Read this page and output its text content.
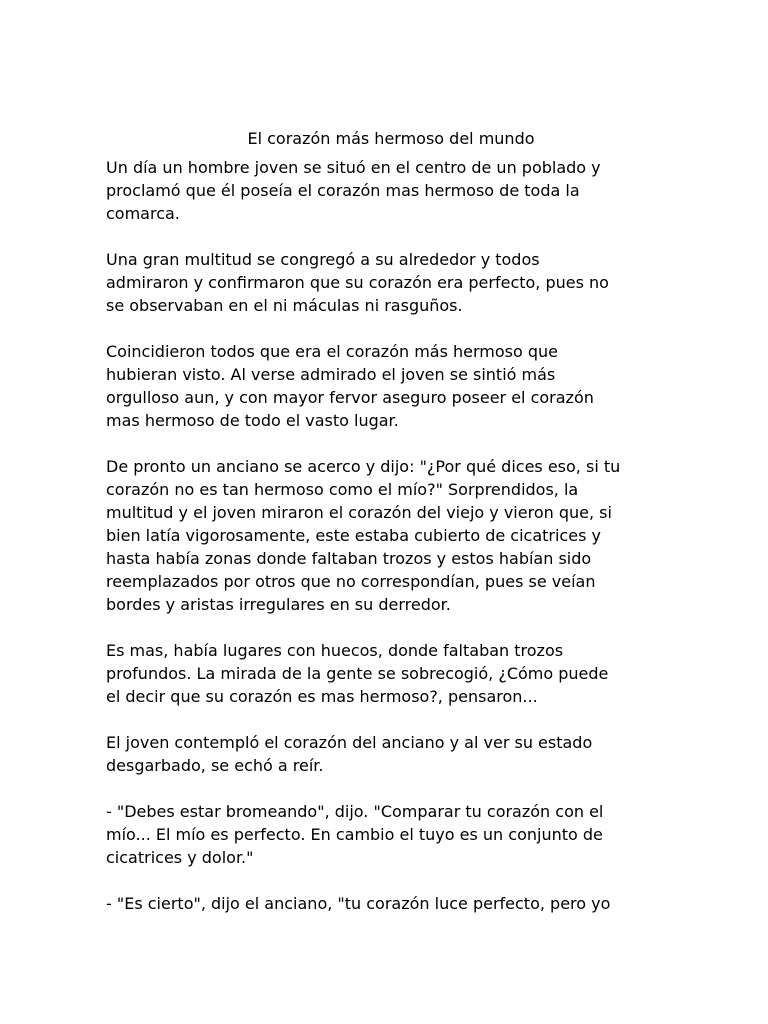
El corazón más hermoso del mundo

Un día un hombre joven se situó en el centro de un poblado y
proclamó que él poseía el corazón mas hermoso de toda la
comarca.

Una gran multitud se congregó a su alrededor y todos
admiraron y confirmaron que su corazón era perfecto, pues no
se observaban en el ni máculas ni rasguños.

Coincidieron todos que era el corazón más hermoso que
hubieran visto. Al verse admirado el joven se sintió más
orgulloso aun, y con mayor fervor aseguro poseer el corazón
mas hermoso de todo el vasto lugar.

De pronto un anciano se acerco y dijo: "¿Por qué dices eso, si tu
corazón no es tan hermoso como el mío?" Sorprendidos, la
multitud y el joven miraron el corazón del viejo y vieron que, si
bien latía vigorosamente, este estaba cubierto de cicatrices y
hasta había zonas donde faltaban trozos y estos habían sido
reemplazados por otros que no correspondían, pues se veían
bordes y aristas irregulares en su derredor.

Es mas, había lugares con huecos, donde faltaban trozos
profundos. La mirada de la gente se sobrecogió, ¿Cómo puede
el decir que su corazón es mas hermoso?, pensaron...

El joven contempló el corazón del anciano y al ver su estado
desgarbado, se echó a reír.

- "Debes estar bromeando", dijo. "Comparar tu corazón con el
mío... El mío es perfecto. En cambio el tuyo es un conjunto de
cicatrices y dolor."

- "Es cierto", dijo el anciano, "tu corazón luce perfecto, pero yo
